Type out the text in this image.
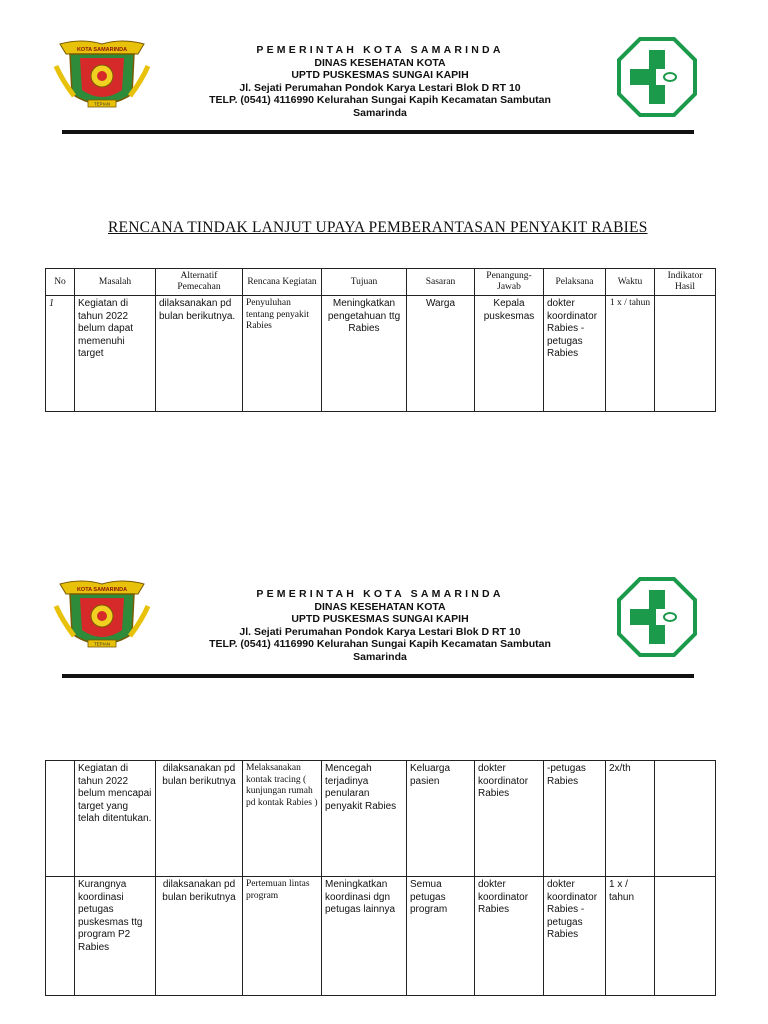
KOTA SAMARINDA
TEPIAN
PEMERINTAH KOTA SAMARINDA
DINAS KESEHATAN KOTA
UPTD PUSKESMAS SUNGAI KAPIH
Jl. Sejati Perumahan Pondok Karya Lestari Blok D RT 10
TELP. (0541) 4116990 Kelurahan Sungai Kapih Kecamatan Sambutan
Samarinda
RENCANA TINDAK LANJUT UPAYA PEMBERANTASAN PENYAKIT RABIES
No	Masalah	Alternatif Pemecahan	Rencana Kegiatan	Tujuan	Sasaran	Penangung-Jawab	Pelaksana	Waktu	Indikator Hasil
1	Kegiatan di tahun 2022 belum dapat memenuhi target	dilaksanakan pd bulan berikutnya.	Penyuluhan tentang penyakit Rabies	Meningkatkan pengetahuan ttg Rabies	Warga	Kepala puskesmas	dokter koordinator Rabies -petugas Rabies	1 x / tahun	
KOTA SAMARINDA
TEPIAN
PEMERINTAH KOTA SAMARINDA
DINAS KESEHATAN KOTA
UPTD PUSKESMAS SUNGAI KAPIH
Jl. Sejati Perumahan Pondok Karya Lestari Blok D RT 10
TELP. (0541) 4116990 Kelurahan Sungai Kapih Kecamatan Sambutan
Samarinda
	Kegiatan di tahun 2022 belum mencapai target yang telah ditentukan.	dilaksanakan pd bulan berikutnya	Melaksanakan kontak tracing ( kunjungan rumah pd kontak Rabies )	Mencegah terjadinya penularan penyakit Rabies	Keluarga pasien	dokter koordinator Rabies	-petugas Rabies	2x/th	
	Kurangnya koordinasi petugas puskesmas ttg program P2 Rabies	dilaksanakan pd bulan berikutnya	Pertemuan lintas program	Meningkatkan koordinasi dgn petugas lainnya	Semua petugas program	dokter koordinator Rabies	dokter koordinator Rabies -petugas Rabies	1 x / tahun	
